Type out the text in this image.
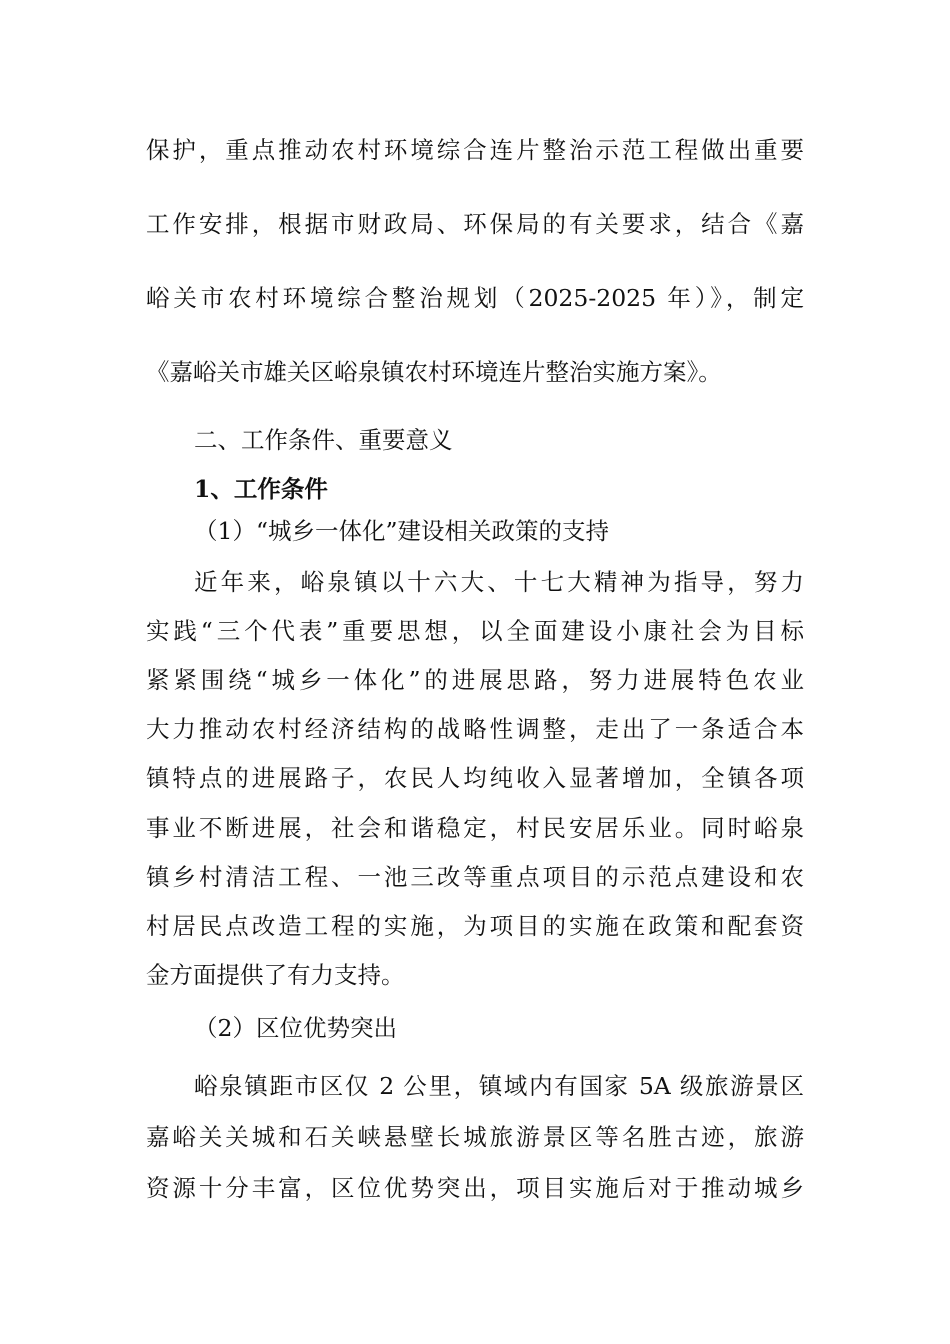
保护，重点推动农村环境综合连片整治示范工程做出重要
工作安排，根据市财政局、环保局的有关要求，结合《嘉
峪关市农村环境综合整治规划（2025-2025 年）》，制定
《嘉峪关市雄关区峪泉镇农村环境连片整治实施方案》。
二、工作条件、重要意义
1、工作条件
（1）“城乡一体化”建设相关政策的支持
近年来，峪泉镇以十六大、十七大精神为指导，努力
实践“三个代表”重要思想，以全面建设小康社会为目标
紧紧围绕“城乡一体化”的进展思路，努力进展特色农业
大力推动农村经济结构的战略性调整，走出了一条适合本
镇特点的进展路子，农民人均纯收入显著增加，全镇各项
事业不断进展，社会和谐稳定，村民安居乐业。同时峪泉
镇乡村清洁工程、一池三改等重点项目的示范点建设和农
村居民点改造工程的实施，为项目的实施在政策和配套资
金方面提供了有力支持。
（2）区位优势突出
峪泉镇距市区仅 2 公里，镇域内有国家 5A 级旅游景区
嘉峪关关城和石关峡悬壁长城旅游景区等名胜古迹，旅游
资源十分丰富，区位优势突出，项目实施后对于推动城乡
